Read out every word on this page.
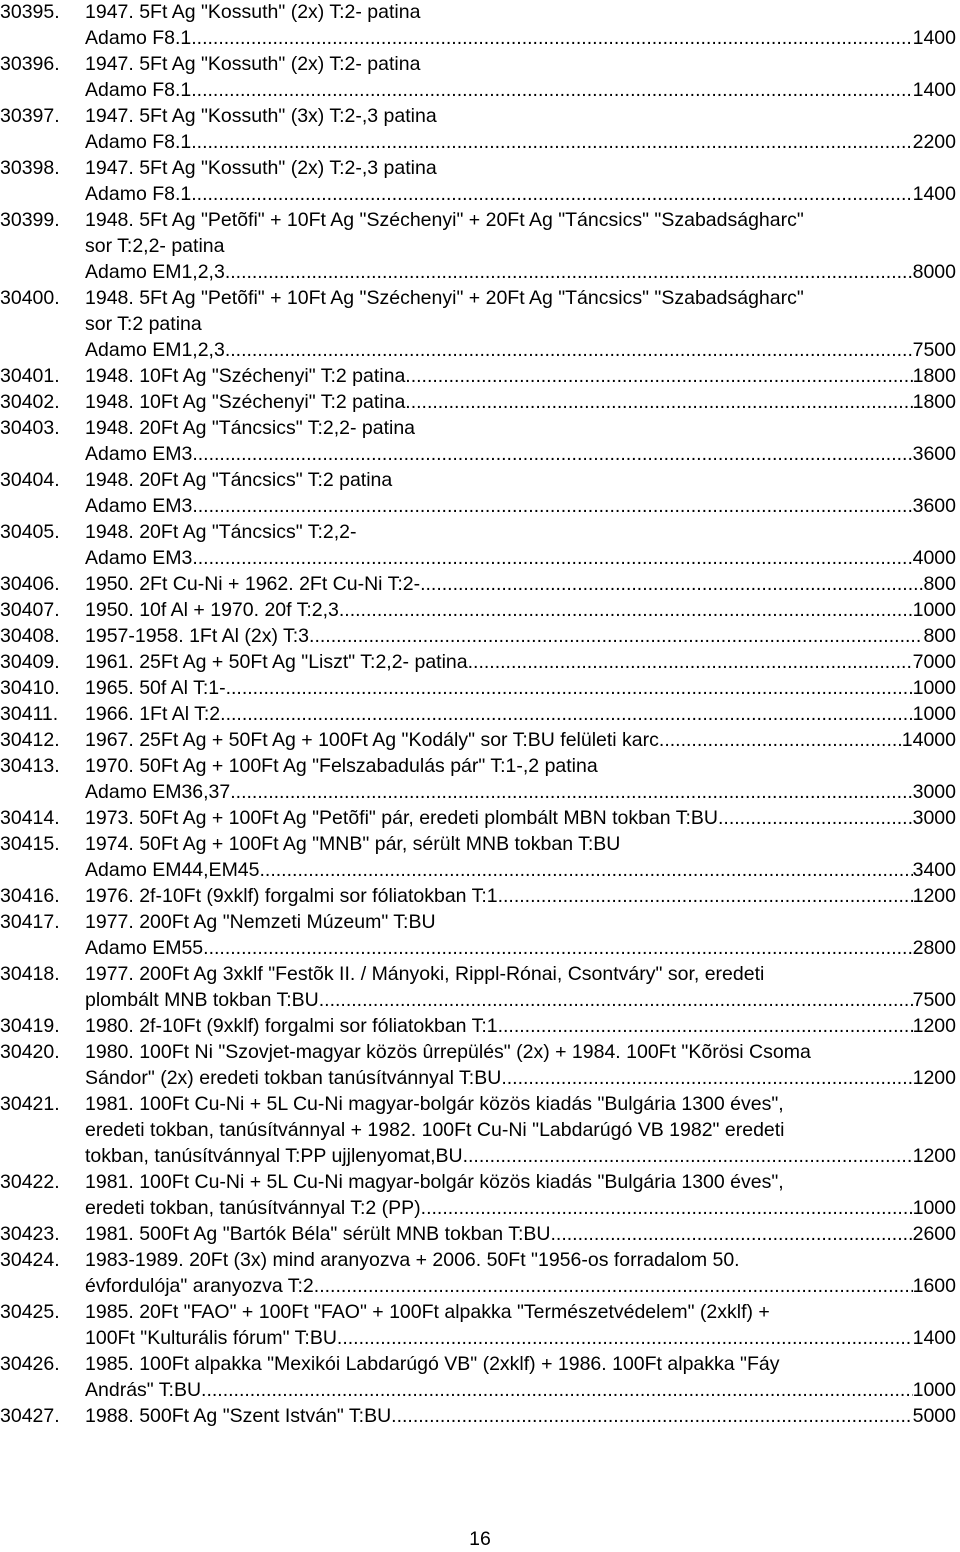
30395.	1947. 5Ft Ag "Kossuth" (2x) T:2- patina
Adamo F8.1 .....	1400
30396.	1947. 5Ft Ag "Kossuth" (2x) T:2- patina
Adamo F8.1 .....	1400
30397.	1947. 5Ft Ag "Kossuth" (3x) T:2-,3 patina
Adamo F8.1 .....	2200
30398.	1947. 5Ft Ag "Kossuth" (2x) T:2-,3 patina
Adamo F8.1 .....	1400
30399.	1948. 5Ft Ag "Petõfi" + 10Ft Ag "Széchenyi" + 20Ft Ag "Táncsics" "Szabadságharc"
sor T:2,2- patina
Adamo EM1,2,3 .....	8000
30400.	1948. 5Ft Ag "Petõfi" + 10Ft Ag "Széchenyi" + 20Ft Ag "Táncsics" "Szabadságharc"
sor T:2 patina
Adamo EM1,2,3 .....	7500
30401.	1948. 10Ft Ag "Széchenyi" T:2 patina .....	1800
30402.	1948. 10Ft Ag "Széchenyi" T:2 patina .....	1800
30403.	1948. 20Ft Ag "Táncsics" T:2,2- patina
Adamo EM3 .....	3600
30404.	1948. 20Ft Ag "Táncsics" T:2 patina
Adamo EM3 .....	3600
30405.	1948. 20Ft Ag "Táncsics" T:2,2-
Adamo EM3 .....	4000
30406.	1950. 2Ft Cu-Ni + 1962. 2Ft Cu-Ni T:2- .....	800
30407.	1950. 10f Al + 1970. 20f T:2,3 .....	1000
30408.	1957-1958. 1Ft Al (2x) T:3 .....	800
30409.	1961. 25Ft Ag + 50Ft Ag "Liszt" T:2,2- patina .....	7000
30410.	1965. 50f Al T:1- .....	1000
30411.	1966. 1Ft Al T:2 .....	1000
30412.	1967. 25Ft Ag + 50Ft Ag + 100Ft Ag "Kodály" sor T:BU felületi karc .....	14000
30413.	1970. 50Ft Ag + 100Ft Ag "Felszabadulás pár" T:1-,2 patina
Adamo EM36,37 .....	3000
30414.	1973. 50Ft Ag + 100Ft Ag "Petõfi" pár, eredeti plombált MBN tokban T:BU .....	3000
30415.	1974. 50Ft Ag + 100Ft Ag "MNB" pár, sérült MNB tokban T:BU
Adamo EM44,EM45 .....	3400
30416.	1976. 2f-10Ft (9xklf) forgalmi sor fóliatokban T:1 .....	1200
30417.	1977. 200Ft Ag "Nemzeti Múzeum" T:BU
Adamo EM55 .....	2800
30418.	1977. 200Ft Ag 3xklf "Festõk II. / Mányoki, Rippl-Rónai, Csontváry" sor, eredeti
plombált MNB tokban T:BU .....	7500
30419.	1980. 2f-10Ft (9xklf) forgalmi sor fóliatokban T:1 .....	1200
30420.	1980. 100Ft Ni "Szovjet-magyar közös ûrrepülés" (2x) + 1984. 100Ft "Kõrösi Csoma
Sándor" (2x) eredeti tokban tanúsítvánnyal T:BU .....	1200
30421.	1981. 100Ft Cu-Ni + 5L Cu-Ni magyar-bolgár közös kiadás "Bulgária 1300 éves",
eredeti tokban, tanúsítvánnyal + 1982. 100Ft Cu-Ni "Labdarúgó VB 1982" eredeti
tokban, tanúsítvánnyal T:PP ujjlenyomat,BU .....	1200
30422.	1981. 100Ft Cu-Ni + 5L Cu-Ni magyar-bolgár közös kiadás "Bulgária 1300 éves",
eredeti tokban, tanúsítvánnyal T:2 (PP) .....	1000
30423.	1981. 500Ft Ag "Bartók Béla" sérült MNB tokban T:BU .....	2600
30424.	1983-1989. 20Ft (3x) mind aranyozva + 2006. 50Ft "1956-os forradalom 50.
évfordulója" aranyozva T:2 .....	1600
30425.	1985. 20Ft "FAO" + 100Ft "FAO" + 100Ft alpakka "Természetvédelem" (2xklf) +
100Ft "Kulturális fórum" T:BU .....	1400
30426.	1985. 100Ft alpakka "Mexikói Labdarúgó VB" (2xklf) + 1986. 100Ft alpakka "Fáy
András" T:BU .....	1000
30427.	1988. 500Ft Ag "Szent István" T:BU .....	5000
16
